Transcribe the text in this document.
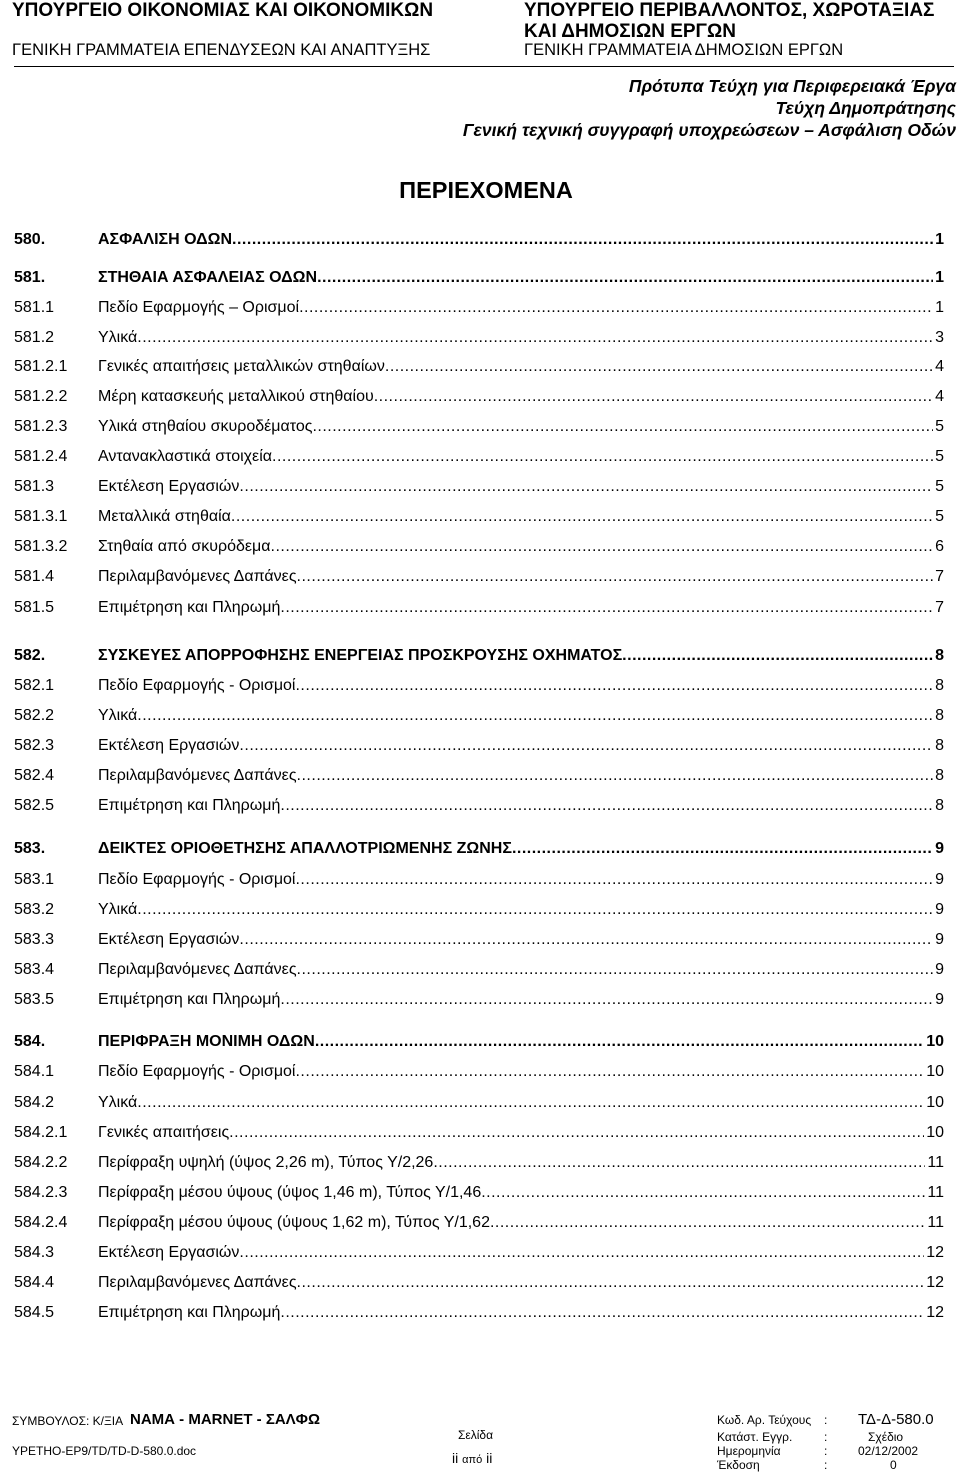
ΥΠΟΥΡΓΕΙΟ ΟΙΚΟΝΟΜΙΑΣ ΚΑΙ ΟΙΚΟΝΟΜΙΚΩΝ
ΓΕΝΙΚΗ ΓΡΑΜΜΑΤΕΙΑ ΕΠΕΝΔΥΣΕΩΝ ΚΑΙ ΑΝΑΠΤΥΞΗΣ
ΥΠΟΥΡΓΕΙΟ ΠΕΡΙΒΑΛΛΟΝΤΟΣ, ΧΩΡΟΤΑΞΙΑΣ
ΚΑΙ ΔΗΜΟΣΙΩΝ ΕΡΓΩΝ
ΓΕΝΙΚΗ ΓΡΑΜΜΑΤΕΙΑ ΔΗΜΟΣΙΩΝ ΕΡΓΩΝ
Πρότυπα Τεύχη για Περιφερειακά Έργα
Τεύχη Δημοπράτησης
Γενική τεχνική συγγραφή υποχρεώσεων – Ασφάλιση Οδών
ΠΕΡΙΕΧΟΜΕΝΑ
580.	ΑΣΦΑΛΙΣΗ ΟΔΩΝ .....	1
581.	ΣΤΗΘΑΙΑ ΑΣΦΑΛΕΙΑΣ ΟΔΩΝ .....	1
581.1	Πεδίο Εφαρμογής – Ορισμοί .....	1
581.2	Υλικά .....	3
581.2.1	Γενικές απαιτήσεις μεταλλικών στηθαίων .....	4
581.2.2	Μέρη κατασκευής μεταλλικού στηθαίου .....	4
581.2.3	Υλικά στηθαίου σκυροδέματος .....	5
581.2.4	Αντανακλαστικά στοιχεία .....	5
581.3	Εκτέλεση Εργασιών .....	5
581.3.1	Μεταλλικά στηθαία .....	5
581.3.2	Στηθαία από σκυρόδεμα .....	6
581.4	Περιλαμβανόμενες Δαπάνες .....	7
581.5	Επιμέτρηση και Πληρωμή .....	7
582.	ΣΥΣΚΕΥΕΣ ΑΠΟΡΡΟΦΗΣΗΣ ΕΝΕΡΓΕΙΑΣ ΠΡΟΣΚΡΟΥΣΗΣ ΟΧΗΜΑΤΟΣ .....	8
582.1	Πεδίο Εφαρμογής - Ορισμοί .....	8
582.2	Υλικά .....	8
582.3	Εκτέλεση Εργασιών .....	8
582.4	Περιλαμβανόμενες Δαπάνες .....	8
582.5	Επιμέτρηση και Πληρωμή .....	8
583.	ΔΕΙΚΤΕΣ ΟΡΙΟΘΕΤΗΣΗΣ ΑΠΑΛΛΟΤΡΙΩΜΕΝΗΣ ΖΩΝΗΣ .....	9
583.1	Πεδίο Εφαρμογής - Ορισμοί .....	9
583.2	Υλικά .....	9
583.3	Εκτέλεση Εργασιών .....	9
583.4	Περιλαμβανόμενες Δαπάνες .....	9
583.5	Επιμέτρηση και Πληρωμή .....	9
584.	ΠΕΡΙΦΡΑΞΗ ΜΟΝΙΜΗ ΟΔΩΝ .....	10
584.1	Πεδίο Εφαρμογής - Ορισμοί .....	10
584.2	Υλικά .....	10
584.2.1	Γενικές απαιτήσεις .....	10
584.2.2	Περίφραξη υψηλή (ύψος 2,26 m), Τύπος Υ/2,26 .....	11
584.2.3	Περίφραξη μέσου ύψους (ύψος 1,46 m), Τύπος Υ/1,46 .....	11
584.2.4	Περίφραξη μέσου ύψους (ύψους 1,62 m), Τύπος Υ/1,62 .....	11
584.3	Εκτέλεση Εργασιών .....	12
584.4	Περιλαμβανόμενες Δαπάνες .....	12
584.5	Επιμέτρηση και Πληρωμή .....	12
ΣΥΜΒΟΥΛΟΣ: Κ/ΞΙΑ ΝΑΜΑ - MARNET - ΣΑΛΦΩ
YPETHO-EP9/TD/TD-D-580.0.doc
Σελίδα
ii από ii
Κωδ. Αρ. Τεύχους : ΤΔ-Δ-580.0
Κατάστ. Εγγρ.	:	Σχέδιο
Ημερομηνία	:	02/12/2002
Έκδοση	:	0
